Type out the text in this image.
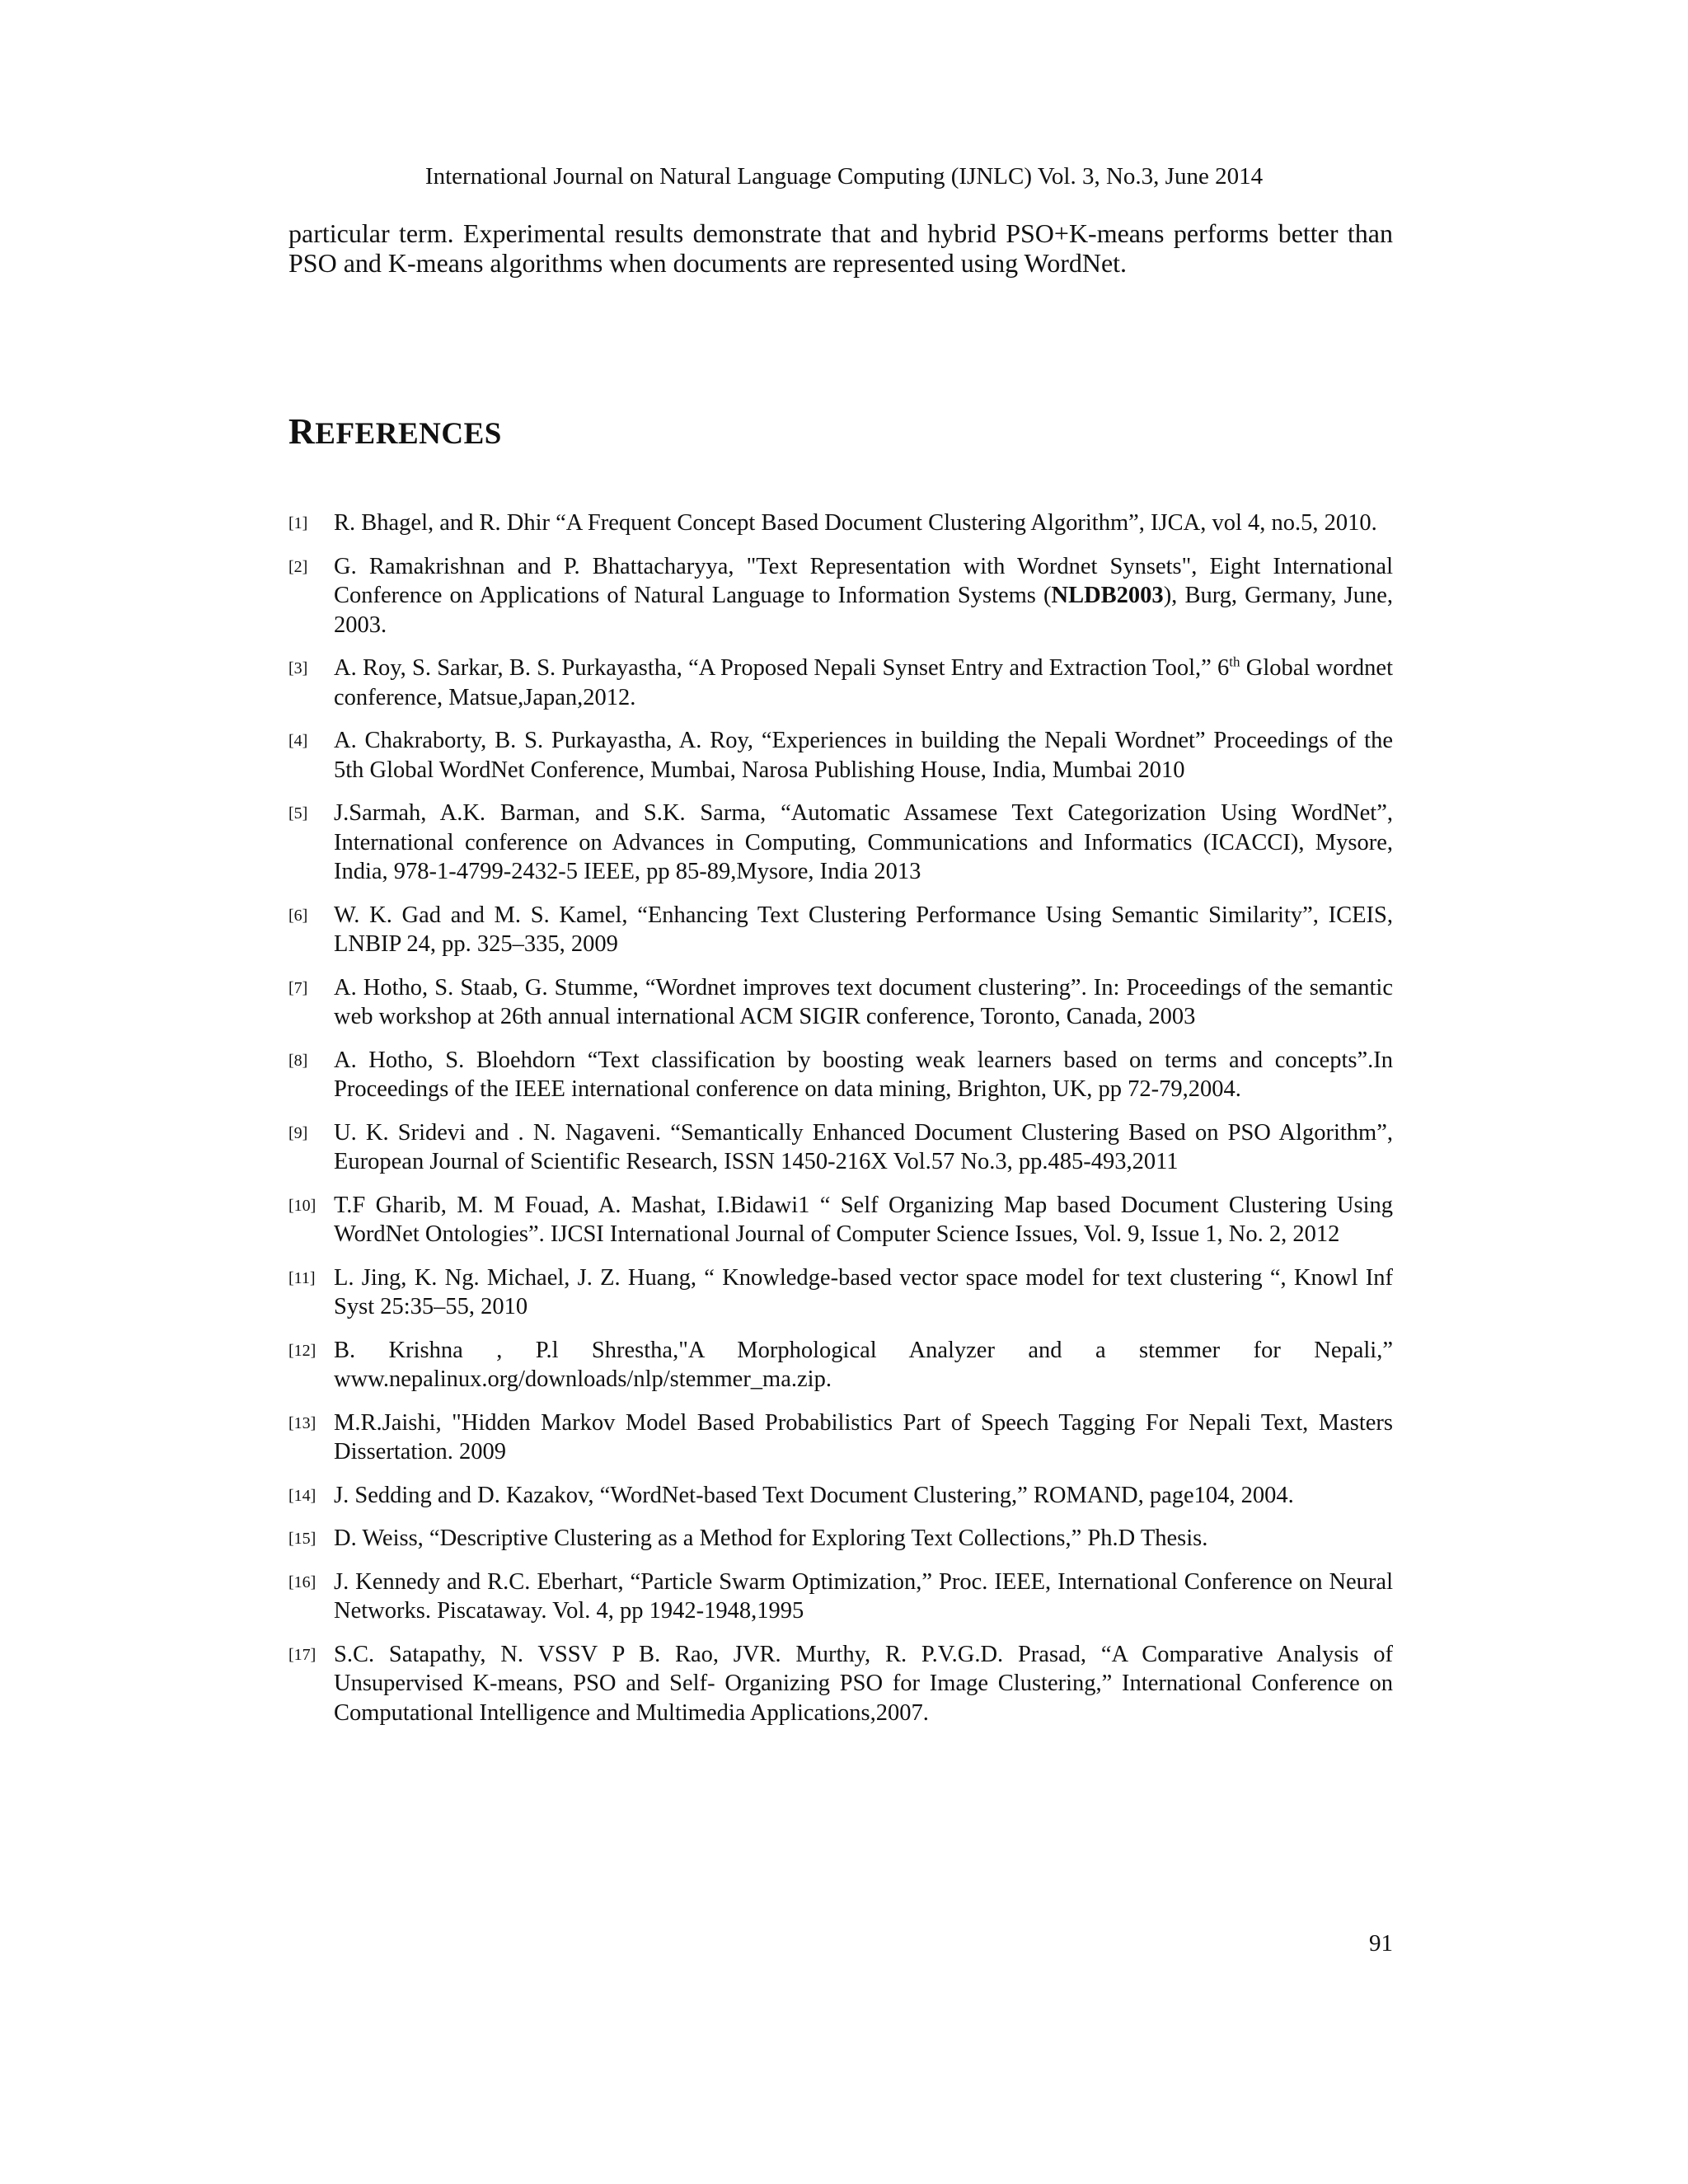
International Journal on Natural Language Computing (IJNLC) Vol. 3, No.3, June 2014

particular term. Experimental results demonstrate that and hybrid PSO+K-means performs better than PSO and K-means algorithms when documents are represented using WordNet.

REFERENCES
[1]	R. Bhagel, and R. Dhir “A Frequent Concept Based Document Clustering Algorithm”, IJCA, vol 4, no.5, 2010.
[2]	G. Ramakrishnan and P. Bhattacharyya, "Text Representation with Wordnet Synsets", Eight International Conference on Applications of Natural Language to Information Systems (NLDB2003), Burg, Germany, June, 2003.
[3]	A. Roy, S. Sarkar, B. S. Purkayastha, “A Proposed Nepali Synset Entry and Extraction Tool,” 6th Global wordnet conference, Matsue,Japan,2012.
[4]	A. Chakraborty, B. S. Purkayastha, A. Roy, “Experiences in building the Nepali Wordnet” Proceedings of the 5th Global WordNet Conference, Mumbai, Narosa Publishing House, India, Mumbai 2010
[5]	J.Sarmah, A.K. Barman, and S.K. Sarma, “Automatic Assamese Text Categorization Using WordNet”, International conference on Advances in Computing, Communications and Informatics (ICACCI), Mysore, India, 978-1-4799-2432-5 IEEE, pp 85-89,Mysore, India 2013
[6]	W. K. Gad and M. S. Kamel, “Enhancing Text Clustering Performance Using Semantic Similarity”, ICEIS, LNBIP 24, pp. 325–335, 2009
[7]	A. Hotho, S. Staab, G. Stumme, “Wordnet improves text document clustering”. In: Proceedings of the semantic web workshop at 26th annual international ACM SIGIR conference, Toronto, Canada, 2003
[8]	A. Hotho, S. Bloehdorn “Text classification by boosting weak learners based on terms and concepts”.In Proceedings of the IEEE international conference on data mining, Brighton, UK, pp 72-79,2004.
[9]	U. K. Sridevi and . N. Nagaveni. “Semantically Enhanced Document Clustering Based on PSO Algorithm”, European Journal of Scientific Research, ISSN 1450-216X Vol.57 No.3, pp.485-493,2011
[10] T.F Gharib, M. M Fouad, A. Mashat, I.Bidawi1 “ Self Organizing Map based Document Clustering Using WordNet Ontologies”. IJCSI International Journal of Computer Science Issues, Vol. 9, Issue 1, No. 2, 2012
[11] L. Jing, K. Ng. Michael, J. Z. Huang, “ Knowledge-based vector space model for text clustering “, Knowl Inf Syst 25:35–55, 2010
[12] B. Krishna , P.l Shrestha,"A Morphological Analyzer and a stemmer for Nepali,” www.nepalinux.org/downloads/nlp/stemmer_ma.zip.
[13] M.R.Jaishi, "Hidden Markov Model Based Probabilistics Part of Speech Tagging For Nepali Text, Masters Dissertation. 2009
[14] J. Sedding and D. Kazakov, “WordNet-based Text Document Clustering,” ROMAND, page104, 2004.
[15] D. Weiss, “Descriptive Clustering as a Method for Exploring Text Collections,” Ph.D Thesis.
[16] J. Kennedy and R.C. Eberhart, “Particle Swarm Optimization,” Proc. IEEE, International Conference on Neural Networks. Piscataway. Vol. 4, pp 1942-1948,1995
[17] S.C. Satapathy, N. VSSV P B. Rao, JVR. Murthy, R. P.V.G.D. Prasad, “A Comparative Analysis of Unsupervised K-means, PSO and Self- Organizing PSO for Image Clustering,” International Conference on Computational Intelligence and Multimedia Applications,2007.
91
